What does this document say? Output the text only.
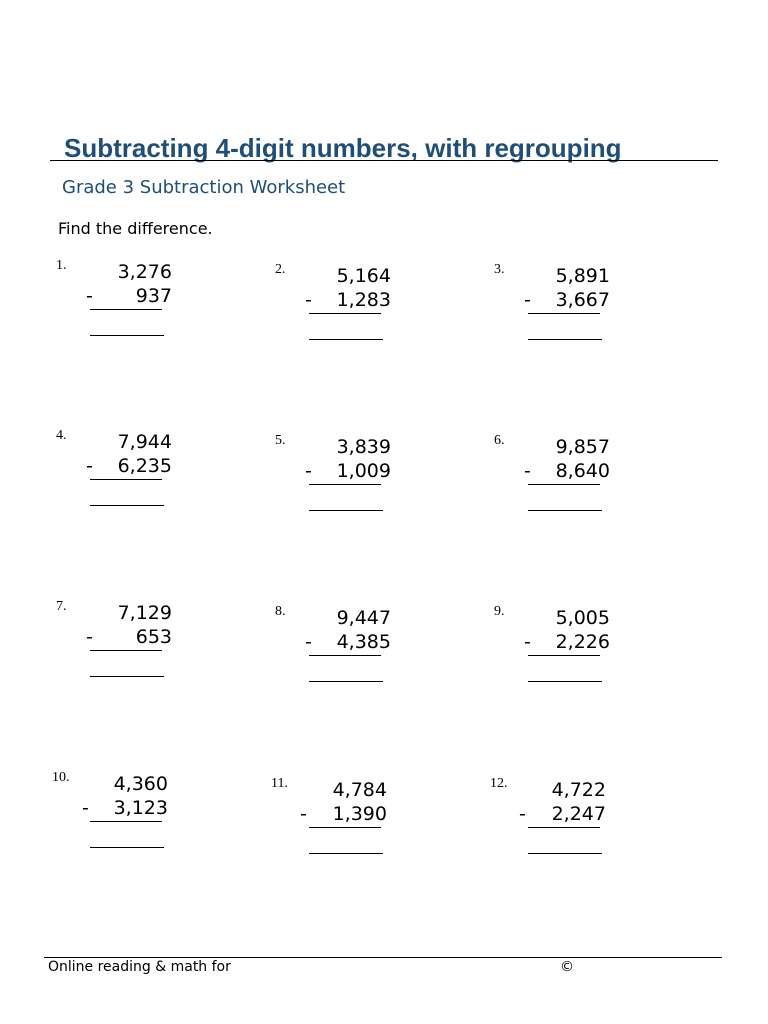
Subtracting 4-digit numbers, with regrouping
Grade 3 Subtraction Worksheet
Find the difference.
1.	3,276
- 937
2.	5,164
- 1,283
3.	5,891
- 3,667
4.	7,944
- 6,235
5.	3,839
- 1,009
6.	9,857
- 8,640
7.	7,129
- 653
8.	9,447
- 4,385
9.	5,005
- 2,226
10. 4,360
- 3,123
11. 4,784
- 1,390
12. 4,722
- 2,247
Online reading & math for	©
